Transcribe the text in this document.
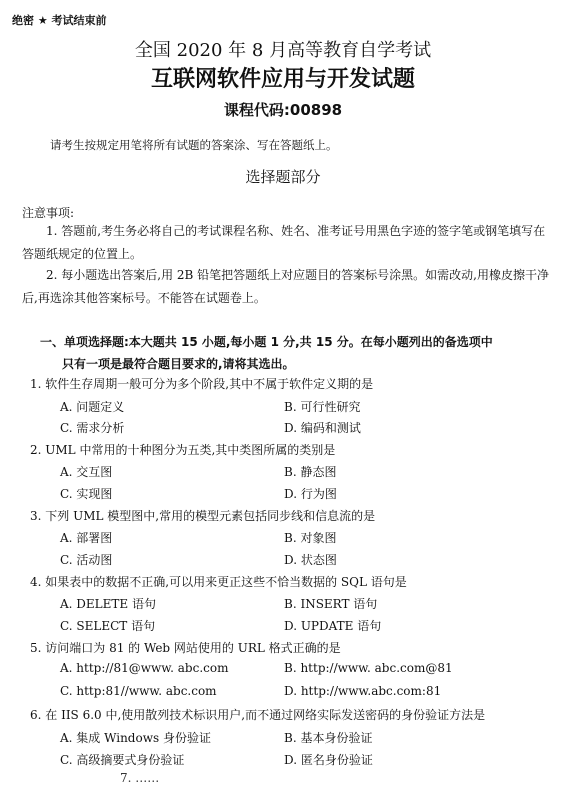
绝密 ★ 考试结束前
全国 2020 年 8 月高等教育自学考试
互联网软件应用与开发试题
课程代码:00898
请考生按规定用笔将所有试题的答案涂、写在答题纸上。
选择题部分
注意事项:
1. 答题前,考生务必将自己的考试课程名称、姓名、准考证号用黑色字迹的签字笔或钢笔填写在答题纸规定的位置上。
2. 每小题选出答案后,用 2B 铅笔把答题纸上对应题目的答案标号涂黑。如需改动,用橡皮擦干净后,再选涂其他答案标号。不能答在试题卷上。
一、单项选择题:本大题共 15 小题,每小题 1 分,共 15 分。在每小题列出的备选项中
只有一项是最符合题目要求的,请将其选出。
1. 软件生存周期一般可分为多个阶段,其中不属于软件定义期的是
A. 问题定义	B. 可行性研究
C. 需求分析	D. 编码和测试
2. UML 中常用的十种图分为五类,其中类图所属的类别是
A. 交互图	B. 静态图
C. 实现图	D. 行为图
3. 下列 UML 模型图中,常用的模型元素包括同步线和信息流的是
A. 部署图	B. 对象图
C. 活动图	D. 状态图
4. 如果表中的数据不正确,可以用来更正这些不恰当数据的 SQL 语句是
A. DELETE 语句	B. INSERT 语句
C. SELECT 语句	D. UPDATE 语句
5. 访问端口为 81 的 Web 网站使用的 URL 格式正确的是
A. http://81@www. abc.com	B. http://www. abc.com@81
C. http:81//www. abc.com	D. http://www.abc.com:81
6. 在 IIS 6.0 中,使用散列技术标识用户,而不通过网络实际发送密码的身份验证方法是
A. 集成 Windows 身份验证	B. 基本身份验证
C. 高级摘要式身份验证	D. 匿名身份验证
7. ……
